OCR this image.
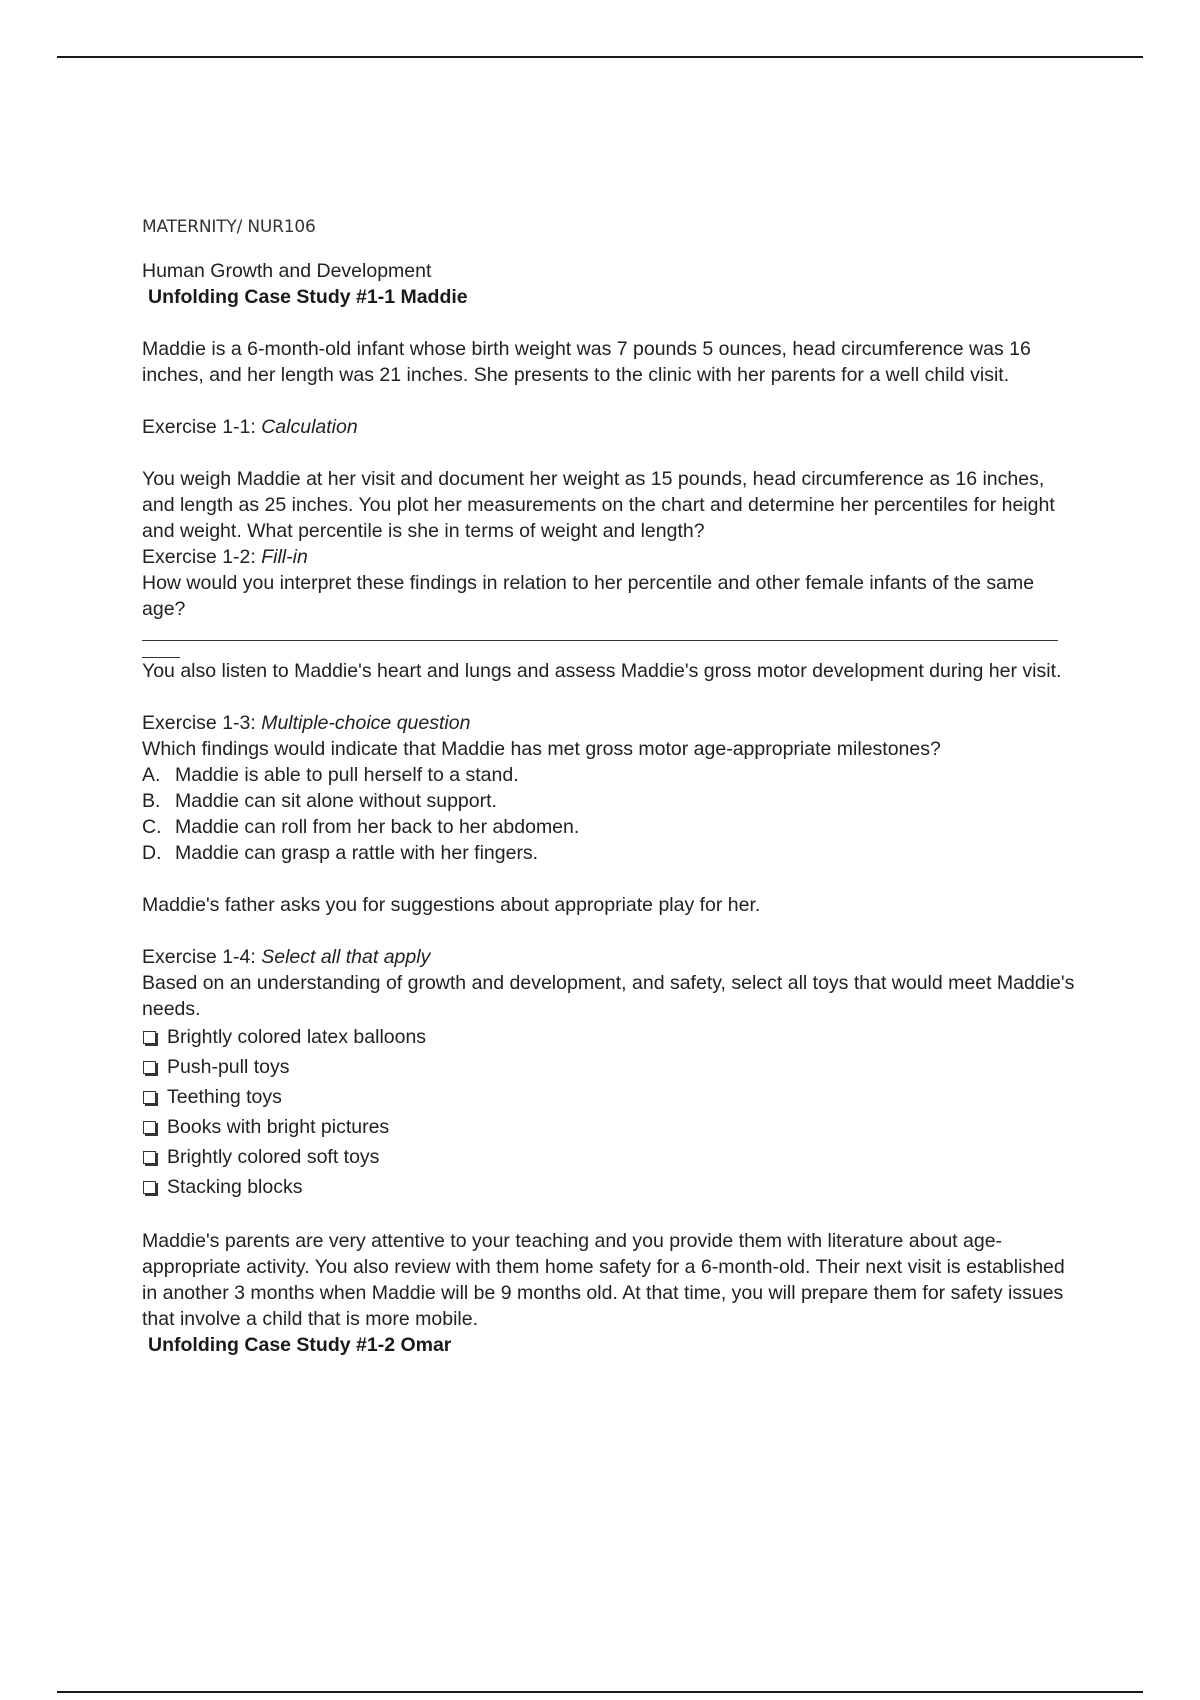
MATERNITY/ NUR106
Human Growth and Development
Unfolding Case Study #1-1 Maddie

Maddie is a 6-month-old infant whose birth weight was 7 pounds 5 ounces, head circumference was 16 inches, and her length was 21 inches. She presents to the clinic with her parents for a well child visit.

Exercise 1-1: Calculation

You weigh Maddie at her visit and document her weight as 15 pounds, head circumference as 16 inches, and length as 25 inches. You plot her measurements on the chart and determine her percentiles for height and weight. What percentile is she in terms of weight and length?

Exercise 1-2: Fill-in

How would you interpret these findings in relation to her percentile and other female infants of the same age?

You also listen to Maddie's heart and lungs and assess Maddie's gross motor development during her visit.

Exercise 1-3: Multiple-choice question

Which findings would indicate that Maddie has met gross motor age-appropriate milestones?

A. Maddie is able to pull herself to a stand.
B. Maddie can sit alone without support.
C. Maddie can roll from her back to her abdomen.
D. Maddie can grasp a rattle with her fingers.

Maddie's father asks you for suggestions about appropriate play for her.

Exercise 1-4: Select all that apply

Based on an understanding of growth and development, and safety, select all toys that would meet Maddie's needs.

Brightly colored latex balloons
Push-pull toys
Teething toys
Books with bright pictures
Brightly colored soft toys
Stacking blocks

Maddie's parents are very attentive to your teaching and you provide them with literature about age-appropriate activity. You also review with them home safety for a 6-month-old. Their next visit is established in another 3 months when Maddie will be 9 months old. At that time, you will prepare them for safety issues that involve a child that is more mobile.

Unfolding Case Study #1-2 Omar
